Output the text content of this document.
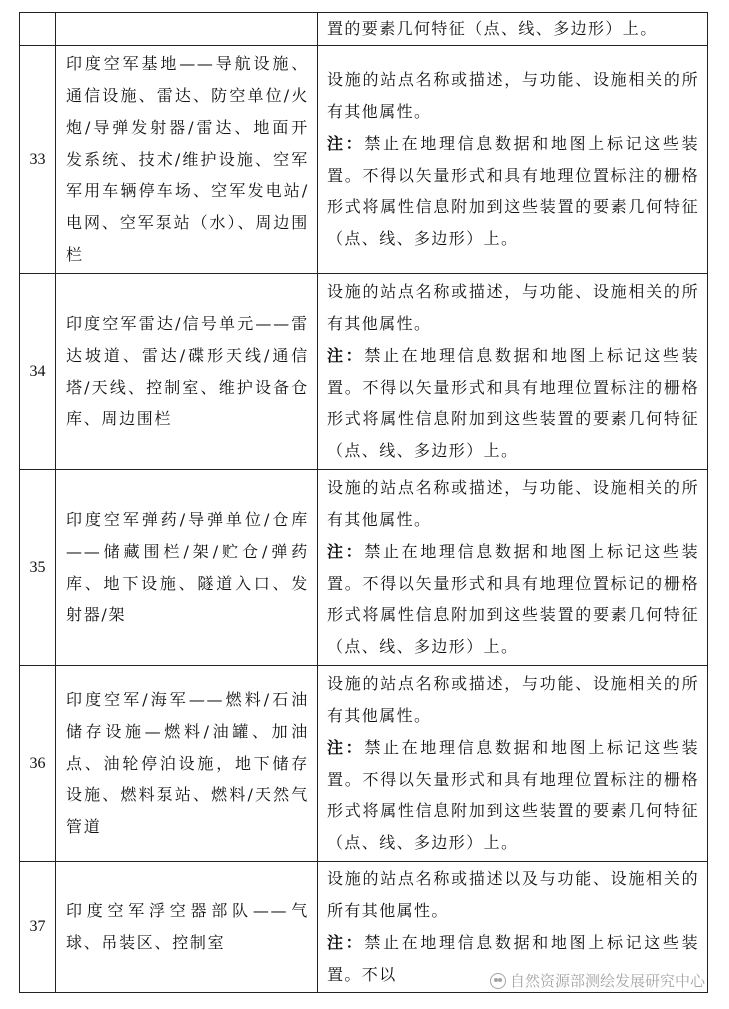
		置的要素几何特征（点、线、多边形）上。

33	印度空军基地——导航设施、通信设施、雷达、防空单位/火炮/导弹发射器/雷达、地面开发系统、技术/维护设施、空军军用车辆停车场、空军发电站/电网、空军泵站（水）、周边围栏	设施的站点名称或描述，与功能、设施相关的所有其他属性。
注：禁止在地理信息数据和地图上标记这些装置。不得以矢量形式和具有地理位置标注的栅格形式将属性信息附加到这些装置的要素几何特征（点、线、多边形）上。

34	印度空军雷达/信号单元——雷达坡道、雷达/碟形天线/通信塔/天线、控制室、维护设备仓库、周边围栏	设施的站点名称或描述，与功能、设施相关的所有其他属性。
注：禁止在地理信息数据和地图上标记这些装置。不得以矢量形式和具有地理位置标注的栅格形式将属性信息附加到这些装置的要素几何特征（点、线、多边形）上。

35	印度空军弹药/导弹单位/仓库——储藏围栏/架/贮仓/弹药库、地下设施、隧道入口、发射器/架	设施的站点名称或描述，与功能、设施相关的所有其他属性。
注：禁止在地理信息数据和地图上标记这些装置。不得以矢量形式和具有地理位置标记的栅格形式将属性信息附加到这些装置的要素几何特征（点、线、多边形）上。

36	印度空军/海军——燃料/石油储存设施—燃料/油罐、加油点、油轮停泊设施，地下储存设施、燃料泵站、燃料/天然气管道	设施的站点名称或描述，与功能、设施相关的所有其他属性。
注：禁止在地理信息数据和地图上标记这些装置。不得以矢量形式和具有地理位置标注的栅格形式将属性信息附加到这些装置的要素几何特征（点、线、多边形）上。

37	印度空军浮空器部队——气球、吊装区、控制室	设施的站点名称或描述以及与功能、设施相关的所有其他属性。
注：禁止在地理信息数据和地图上标记这些装置。不以	自然资源部测绘发展研究中心
